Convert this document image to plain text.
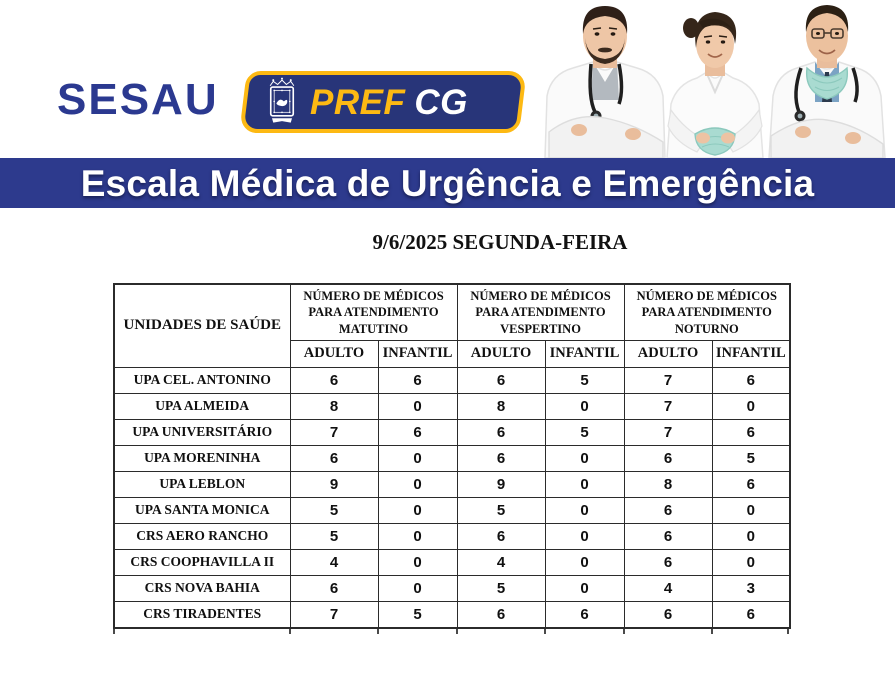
SESAU	PREF CG
Escala Médica de Urgência e Emergência
9/6/2025 SEGUNDA-FEIRA
UNIDADES DE SAÚDE	NÚMERO DE MÉDICOS PARA ATENDIMENTO MATUTINO		NÚMERO DE MÉDICOS PARA ATENDIMENTO VESPERTINO		NÚMERO DE MÉDICOS PARA ATENDIMENTO NOTURNO	
	ADULTO	INFANTIL	ADULTO	INFANTIL	ADULTO	INFANTIL
UPA CEL. ANTONINO	6	6	6	5	7	6
UPA ALMEIDA	8	0	8	0	7	0
UPA UNIVERSITÁRIO	7	6	6	5	7	6
UPA MORENINHA	6	0	6	0	6	5
UPA LEBLON	9	0	9	0	8	6
UPA SANTA MONICA	5	0	5	0	6	0
CRS AERO RANCHO	5	0	6	0	6	0
CRS COOPHAVILLA II	4	0	4	0	6	0
CRS NOVA BAHIA	6	0	5	0	4	3
CRS TIRADENTES	7	5	6	6	6	6
